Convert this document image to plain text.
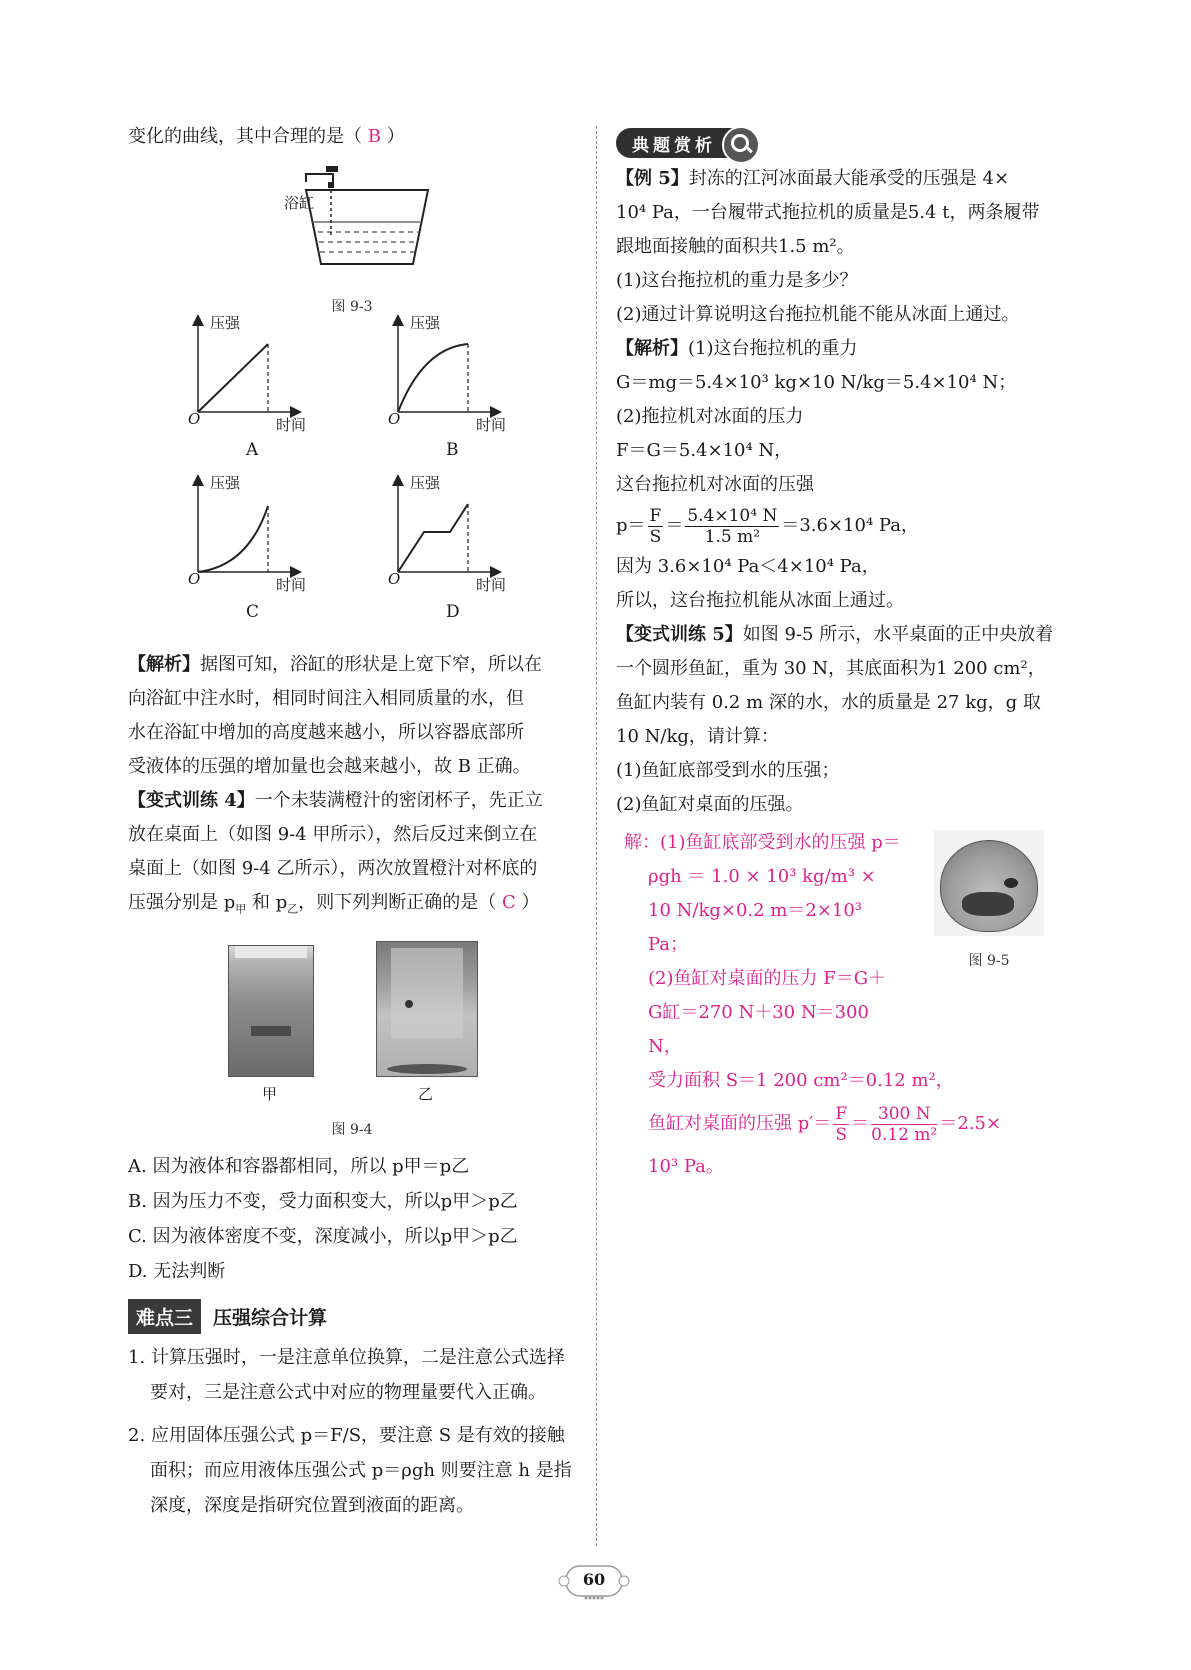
变化的曲线，其中合理的是（ B ）

浴缸
图 9-3
压强
时间
O
A
压强
时间
O
B
压强
时间
O
C
压强
时间
O
D

【解析】据图可知，浴缸的形状是上宽下窄，所以在

向浴缸中注水时，相同时间注入相同质量的水，但

水在浴缸中增加的高度越来越小，所以容器底部所

受液体的压强的增加量也会越来越小，故 B 正确。

【变式训练 4】一个未装满橙汁的密闭杯子，先正立

放在桌面上（如图 9-4 甲所示），然后反过来倒立在

桌面上（如图 9-4 乙所示），两次放置橙汁对杯底的

压强分别是 $p_甲$ 和 $p_乙$，则下列判断正确的是（ C ）

甲	乙
图 9-4

A. 因为液体和容器都相同，所以 p甲＝p乙

B. 因为压力不变，受力面积变大，所以p甲＞p乙

C. 因为液体密度不变，深度减小，所以p甲＞p乙

D. 无法判断

难点三	压强综合计算

1. 计算压强时，一是注意单位换算，二是注意公式选择要对，三是注意公式中对应的物理量要代入正确。

2. 应用固体压强公式 p＝F/S，要注意 S 是有效的接触面积；而应用液体压强公式 p＝ρgh 则要注意 h 是指深度，深度是指研究位置到液面的距离。

典题赏析

【例 5】封冻的江河冰面最大能承受的压强是 4×

10⁴ Pa，一台履带式拖拉机的质量是5.4 t，两条履带

跟地面接触的面积共1.5 m²。

(1)这台拖拉机的重力是多少？

(2)通过计算说明这台拖拉机能不能从冰面上通过。

【解析】(1)这台拖拉机的重力

G＝mg＝5.4×10³ kg×10 N/kg＝5.4×10⁴ N；

(2)拖拉机对冰面的压力

F＝G＝5.4×10⁴ N，

这台拖拉机对冰面的压强

$p= \frac{F}{S} = \frac{\text{5.4×10⁴ N}}{\text{1.5 m²}} =3.6\times 10^4$ Pa，

因为 3.6×10⁴ Pa＜4×10⁴ Pa，

所以，这台拖拉机能从冰面上通过。

【变式训练 5】如图 9-5 所示，水平桌面的正中央放着

一个圆形鱼缸，重为 30 N，其底面积为1 200 cm²，

鱼缸内装有 0.2 m 深的水，水的质量是 27 kg，g 取

10 N/kg，请计算：

(1)鱼缸底部受到水的压强；

(2)鱼缸对桌面的压强。

解：(1)鱼缸底部受到水的压强 p＝

ρgh ＝ 1.0 × 10³ kg/m³ ×

10 N/kg×0.2 m＝2×10³ Pa；

(2)鱼缸对桌面的压力 F＝G＋

G缸＝270 N＋30 N＝300 N，

受力面积 S＝1 200 cm²＝0.12 m²，

鱼缸对桌面的压强 $p'= \frac{F}{S} = \frac{300 N}{\text{0.12 m²}} =2.5\times$

10³ Pa。

图 9-5
60
